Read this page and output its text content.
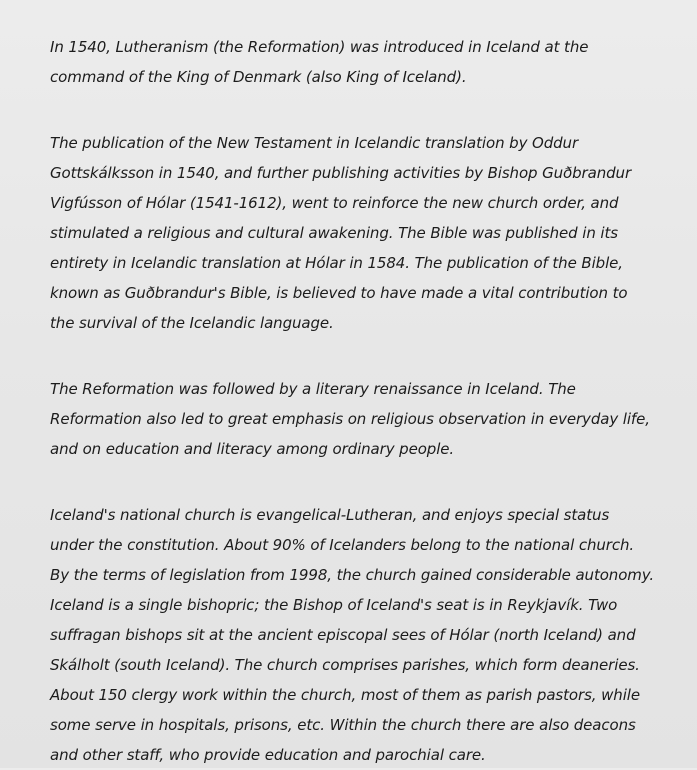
In 1540, Lutheranism (the Reformation) was introduced in Iceland at the
command of the King of Denmark (also King of Iceland).
The publication of the New Testament in Icelandic translation by Oddur
Gottskálksson in 1540, and further publishing activities by Bishop Guðbrandur
Vigfússon of Hólar (1541-1612), went to reinforce the new church order, and
stimulated a religious and cultural awakening. The Bible was published in its
entirety in Icelandic translation at Hólar in 1584. The publication of the Bible,
known as Guðbrandur's Bible, is believed to have made a vital contribution to
the survival of the Icelandic language.
The Reformation was followed by a literary renaissance in Iceland. The
Reformation also led to great emphasis on religious observation in everyday life,
and on education and literacy among ordinary people.
Iceland's national church is evangelical-Lutheran, and enjoys special status
under the constitution. About 90% of Icelanders belong to the national church.
By the terms of legislation from 1998, the church gained considerable autonomy.
Iceland is a single bishopric; the Bishop of Iceland's seat is in Reykjavík. Two
suffragan bishops sit at the ancient episcopal sees of Hólar (north Iceland) and
Skálholt (south Iceland). The church comprises parishes, which form deaneries.
About 150 clergy work within the church, most of them as parish pastors, while
some serve in hospitals, prisons, etc. Within the church there are also deacons
and other staff, who provide education and parochial care.
